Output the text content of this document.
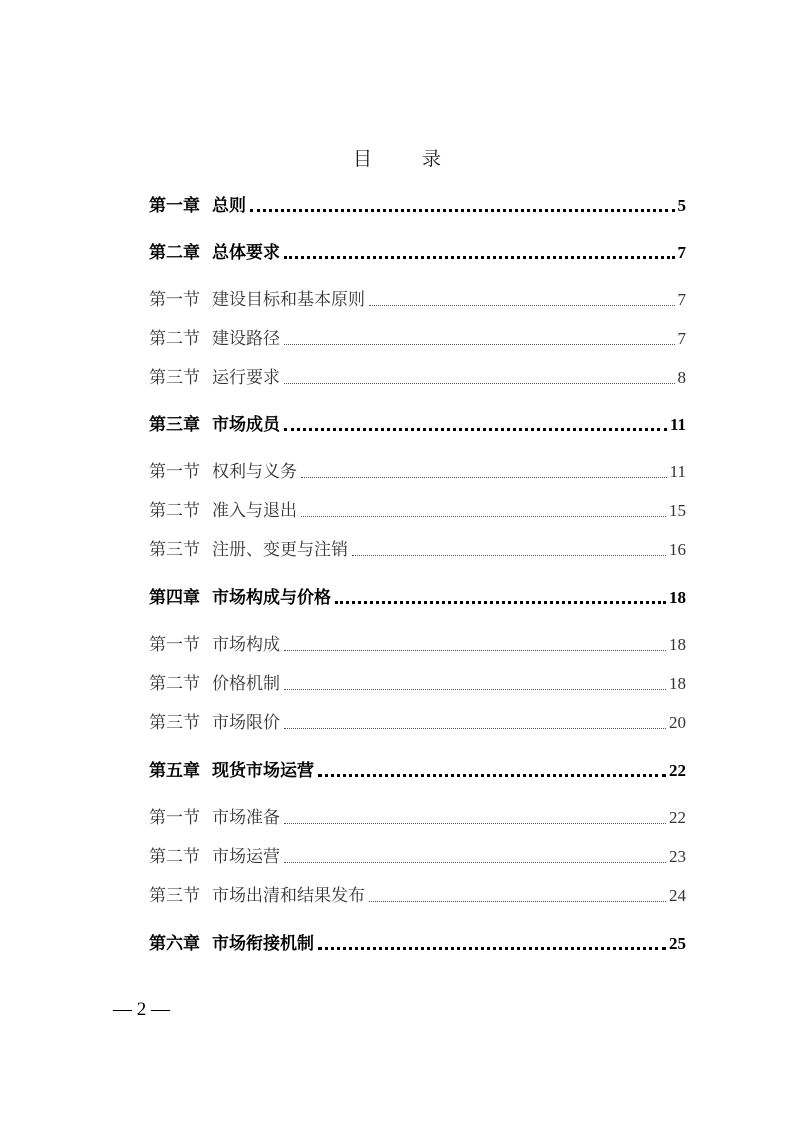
目 录
第一章 总则	5
第二章 总体要求	7
第一节 建设目标和基本原则	7
第二节 建设路径	7
第三节 运行要求	8
第三章 市场成员	11
第一节 权利与义务	11
第二节 准入与退出	15
第三节 注册、变更与注销	16
第四章 市场构成与价格	18
第一节 市场构成	18
第二节 价格机制	18
第三节 市场限价	20
第五章 现货市场运营	22
第一节 市场准备	22
第二节 市场运营	23
第三节 市场出清和结果发布	24
第六章 市场衔接机制	25
— 2 —
